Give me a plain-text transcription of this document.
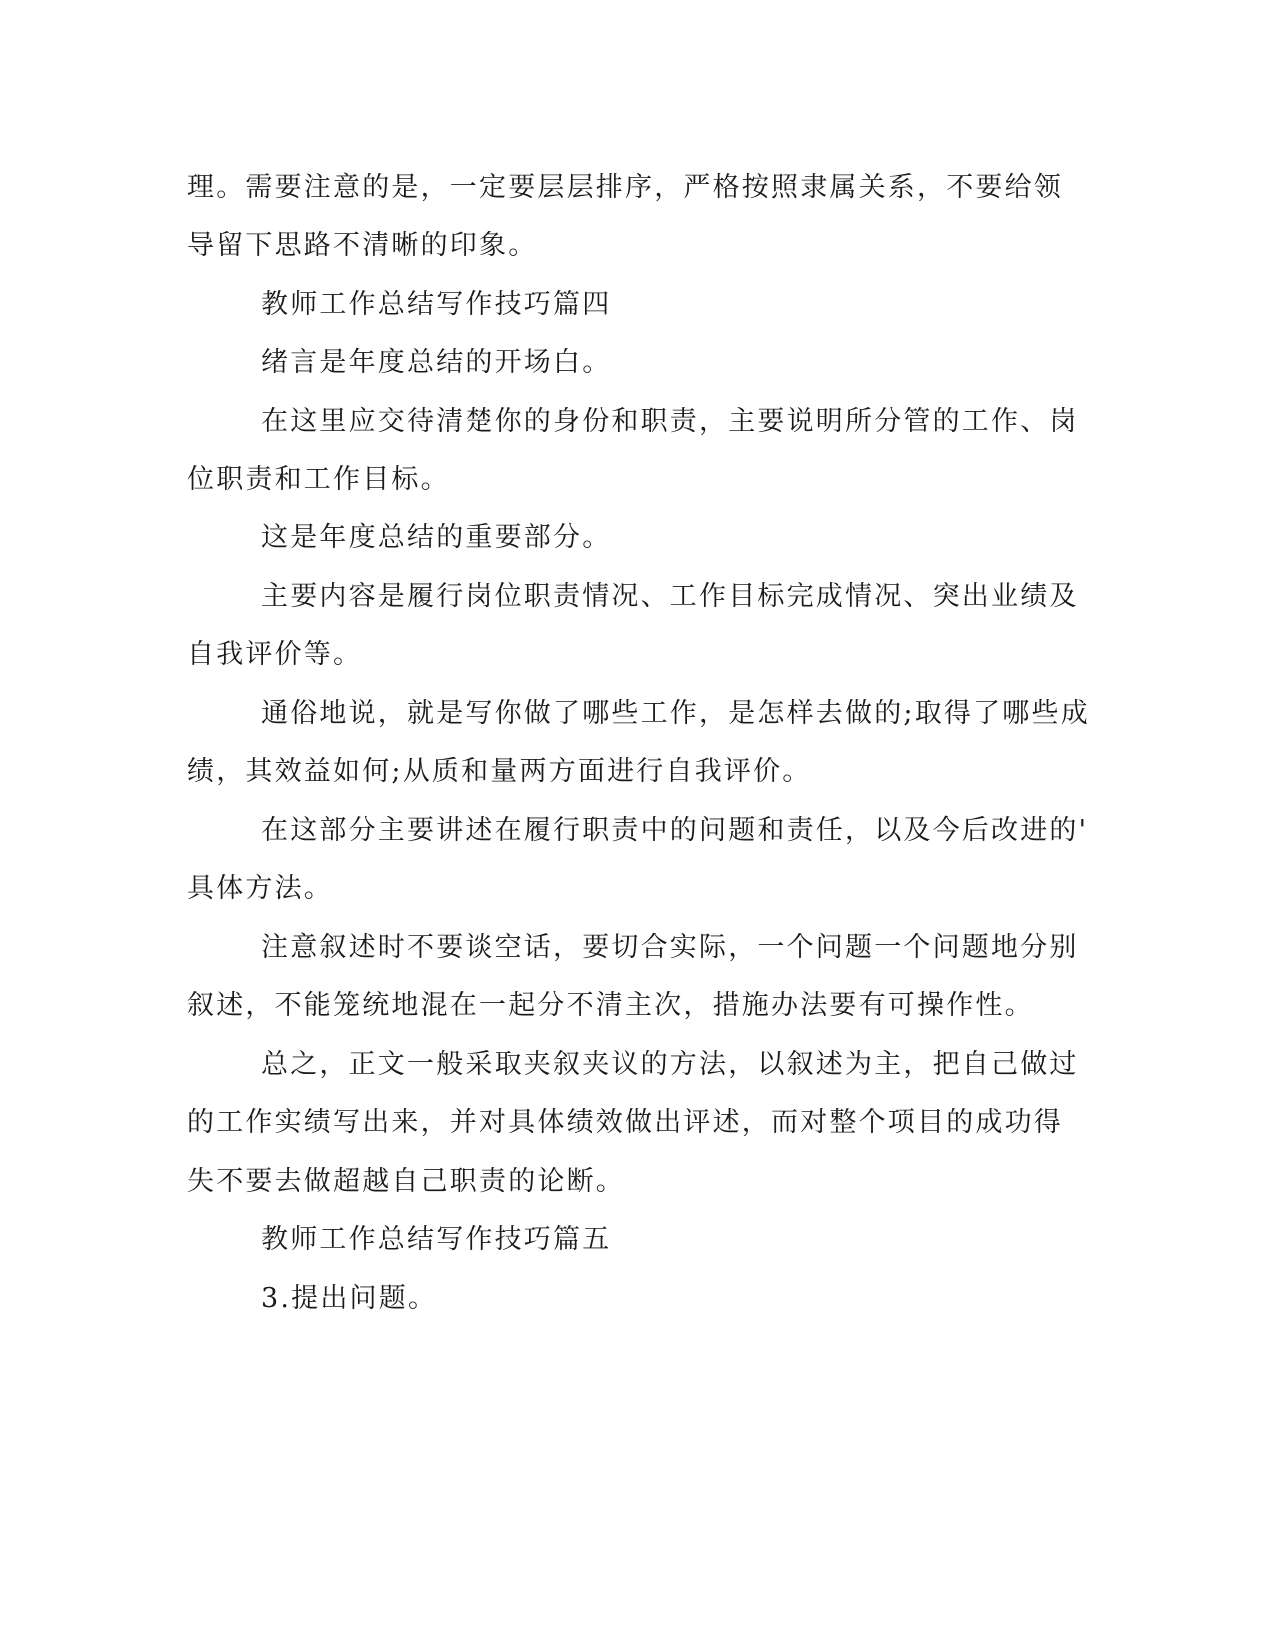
理。需要注意的是，一定要层层排序，严格按照隶属关系，不要给领
导留下思路不清晰的印象。
教师工作总结写作技巧篇四
绪言是年度总结的开场白。
在这里应交待清楚你的身份和职责，主要说明所分管的工作、岗
位职责和工作目标。
这是年度总结的重要部分。
主要内容是履行岗位职责情况、工作目标完成情况、突出业绩及
自我评价等。
通俗地说，就是写你做了哪些工作，是怎样去做的;取得了哪些成
绩，其效益如何;从质和量两方面进行自我评价。
在这部分主要讲述在履行职责中的问题和责任，以及今后改进的'
具体方法。
注意叙述时不要谈空话，要切合实际，一个问题一个问题地分别
叙述，不能笼统地混在一起分不清主次，措施办法要有可操作性。
总之，正文一般采取夹叙夹议的方法，以叙述为主，把自己做过
的工作实绩写出来，并对具体绩效做出评述，而对整个项目的成功得
失不要去做超越自己职责的论断。
教师工作总结写作技巧篇五
3.提出问题。
